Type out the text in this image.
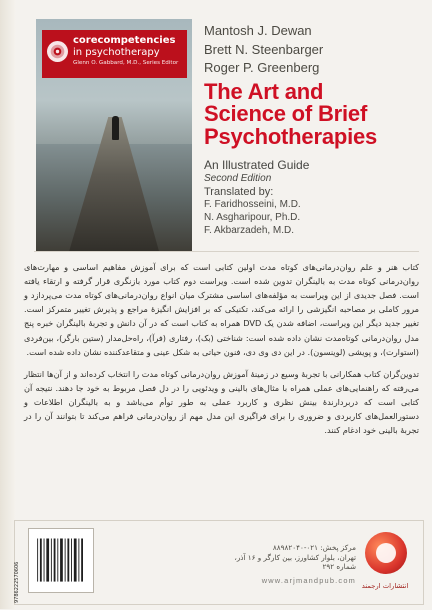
corecompetencies
in psychotherapy
Glenn O. Gabbard, M.D., Series Editor
Mantosh J. Dewan
Brett N. Steenbarger
Roger P. Greenberg
The Art and
Science of Brief
Psychotherapies
An Illustrated Guide
Second Edition
Translated by:
F. Faridhosseini, M.D.
N. Asgharipour, Ph.D.
F. Akbarzadeh, M.D.

کتاب هنر و علم روان‌درمانی‌های کوتاه مدت اولین کتابی است که برای آموزش مفاهیم اساسی و مهارت‌های روان‌درمانی کوتاه مدت به بالینگران تدوین شده است. ویراست دوم کتاب مورد بازنگری قرار گرفته و ارتقاء یافته است. فصل جدیدی از این ویراست به مؤلفه‌های اساسی مشترک میان انواع روان‌درمانی‌های کوتاه مدت می‌پردازد و مرور کاملی بر مصاحبه انگیزشی را ارائه می‌کند، تکنیکی که بر افزایش انگیزهٔ مراجع و پذیرش تغییر متمرکز است. تغییر جدید دیگر این ویراست، اضافه شدن یک DVD همراه به کتاب است که در آن دانش و تجربهٔ بالینگران خبره پنج مدل روان‌درمانی کوتاه‌مدت نشان داده شده است: شناختی (بک)، رفتاری (فرآ)، راه‌حل‌مدار (ستین بارگر)، بین‌فردی (استوارت)، و پویشی (لوینسون). در این دی وی دی، فنون حیاتی به شکل عینی و متقاعدکننده نشان داده شده است.

تدوین‌گران کتاب همکارانی با تجربهٔ وسیع در زمینهٔ آموزش روان‌درمانی کوتاه مدت را انتخاب کرده‌اند و از آن‌ها انتظار می‌رفته که راهنمایی‌های عملی همراه با مثال‌های بالینی و ویدئویی را در دل فصل مربوط به خود جا دهند. نتیجه آن کتابی است که دربردارندهٔ بینش نظری و کاربرد عملی به طور توأم می‌باشد و به بالینگران اطلاعات و دستورالعمل‌های کاربردی و ضروری را برای فراگیری این مدل مهم از روان‌درمانی فراهم می‌کند تا بتوانند آن را در تجربهٔ بالینی خود ادغام کنند.

9786222570606
مرکز پخش: ۰۲۱-۸۸۹۸۲۰۴۰
تهران، بلوار کشاورز، بین کارگر و ۱۶ آذر، شماره ۲۹۲
www.arjmandpub.com
انتشارات ارجمند
